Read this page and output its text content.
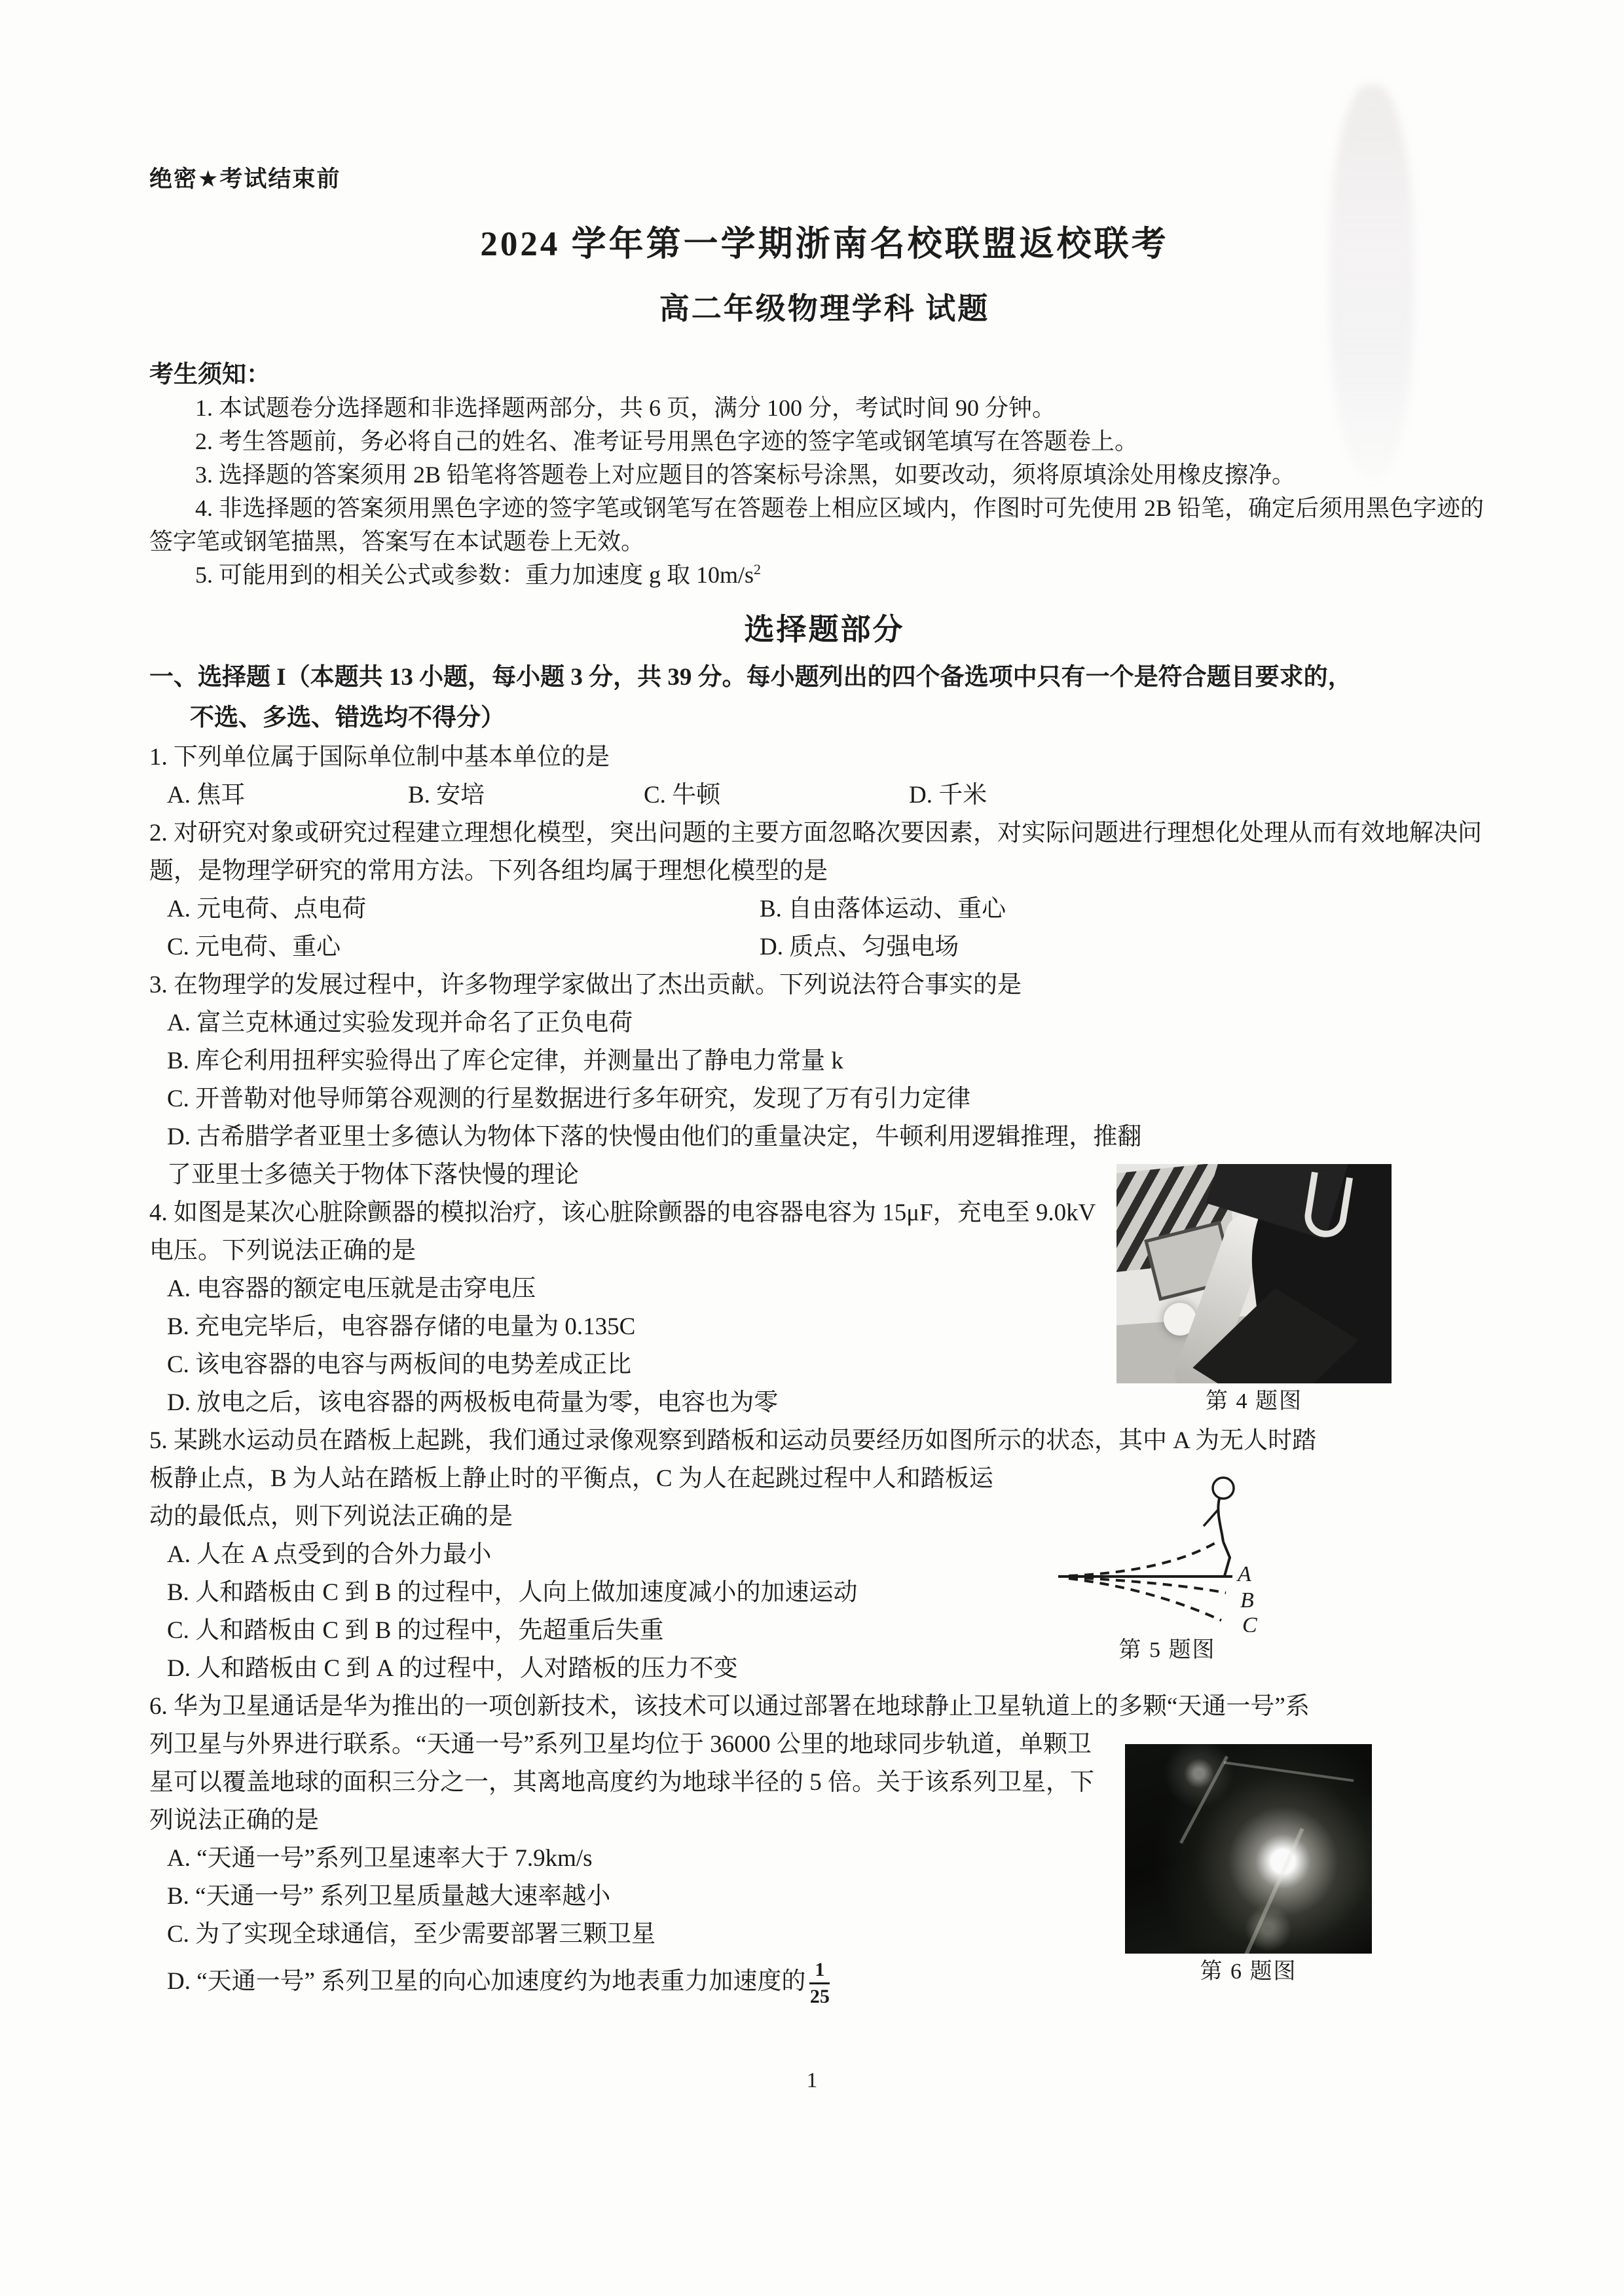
绝密★考试结束前
2024 学年第一学期浙南名校联盟返校联考
高二年级物理学科 试题
考生须知：

1. 本试题卷分选择题和非选择题两部分，共 6 页，满分 100 分，考试时间 90 分钟。

2. 考生答题前，务必将自己的姓名、准考证号用黑色字迹的签字笔或钢笔填写在答题卷上。

3. 选择题的答案须用 2B 铅笔将答题卷上对应题目的答案标号涂黑，如要改动，须将原填涂处用橡皮擦净。

4. 非选择题的答案须用黑色字迹的签字笔或钢笔写在答题卷上相应区域内，作图时可先使用 2B 铅笔，确定后须用黑色字迹的签字笔或钢笔描黑，答案写在本试题卷上无效。

5. 可能用到的相关公式或参数：重力加速度 g 取 $10m/s^2$

选择题部分

一、选择题 I（本题共 13 小题，每小题 3 分，共 39 分。每小题列出的四个备选项中只有一个是符合题目要求的，

不选、多选、错选均不得分）

1. 下列单位属于国际单位制中基本单位的是

A. 焦耳	B. 安培	C. 牛顿	D. 千米

2. 对研究对象或研究过程建立理想化模型，突出问题的主要方面忽略次要因素，对实际问题进行理想化处理从而有效地解决问题，是物理学研究的常用方法。下列各组均属于理想化模型的是

A. 元电荷、点电荷	B. 自由落体运动、重心
C. 元电荷、重心	D. 质点、匀强电场

3. 在物理学的发展过程中，许多物理学家做出了杰出贡献。下列说法符合事实的是

A. 富兰克林通过实验发现并命名了正负电荷

B. 库仑利用扭秤实验得出了库仑定律，并测量出了静电力常量 k

C. 开普勒对他导师第谷观测的行星数据进行多年研究，发现了万有引力定律

D. 古希腊学者亚里士多德认为物体下落的快慢由他们的重量决定，牛顿利用逻辑推理，推翻了亚里士多德关于物体下落快慢的理论

第 4 题图

4. 如图是某次心脏除颤器的模拟治疗，该心脏除颤器的电容器电容为 15μF，充电至 9.0kV 电压。下列说法正确的是

A. 电容器的额定电压就是击穿电压

B. 充电完毕后，电容器存储的电量为 0.135C

C. 该电容器的电容与两板间的电势差成正比

D. 放电之后，该电容器的两极板电荷量为零，电容也为零

A
B
C
第 5 题图

5. 某跳水运动员在踏板上起跳，我们通过录像观察到踏板和运动员要经历如图所示的状态，其中 A 为无人时踏

板静止点，B 为人站在踏板上静止时的平衡点，C 为人在起跳过程中人和踏板运动的最低点，则下列说法正确的是

A. 人在 A 点受到的合外力最小

B. 人和踏板由 C 到 B 的过程中，人向上做加速度减小的加速运动

C. 人和踏板由 C 到 B 的过程中，先超重后失重

D. 人和踏板由 C 到 A 的过程中，人对踏板的压力不变

第 6 题图

6. 华为卫星通话是华为推出的一项创新技术，该技术可以通过部署在地球静止卫星轨道上的多颗“天通一号”系

列卫星与外界进行联系。“天通一号”系列卫星均位于 36000 公里的地球同步轨道，单颗卫星可以覆盖地球的面积三分之一，其离地高度约为地球半径的 5 倍。关于该系列卫星，下列说法正确的是

A. “天通一号”系列卫星速率大于 7.9km/s

B. “天通一号” 系列卫星质量越大速率越小

C. 为了实现全球通信，至少需要部署三颗卫星

D. “天通一号” 系列卫星的向心加速度约为地表重力加速度的 $\frac{1}{25}$

1
